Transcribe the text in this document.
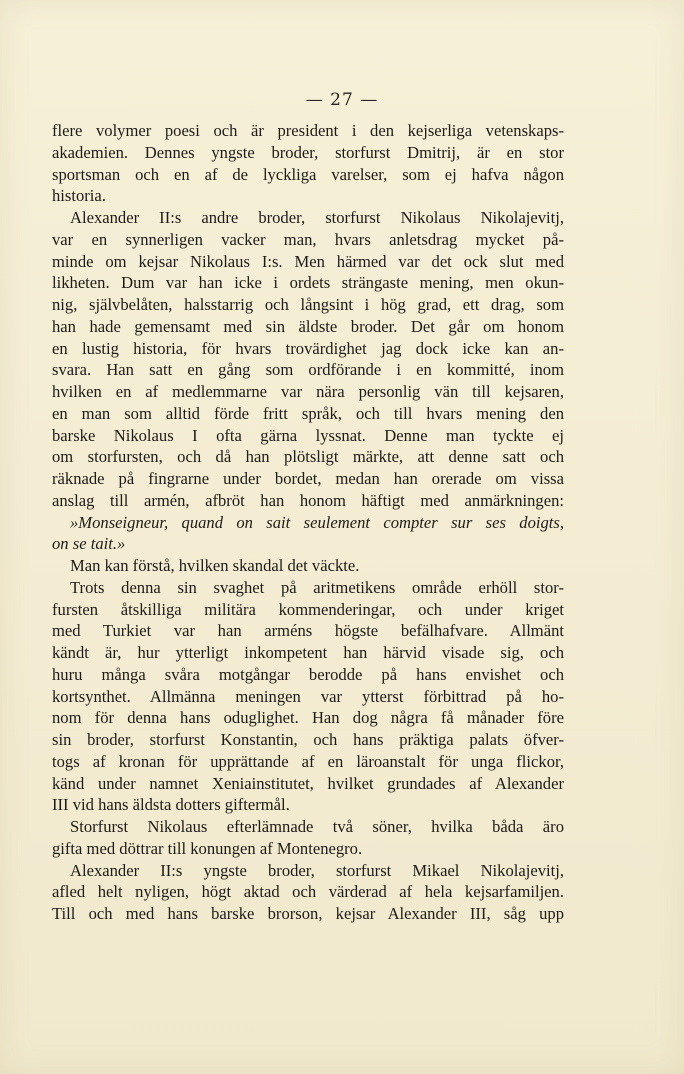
— 27 —
flere volymer poesi och är president i den kejserliga vetenskaps-
akademien. Dennes yngste broder, storfurst Dmitrij, är en stor
sportsman och en af de lyckliga varelser, som ej hafva någon
historia.
Alexander II:s andre broder, storfurst Nikolaus Nikolajevitj,
var en synnerligen vacker man, hvars anletsdrag mycket på-
minde om kejsar Nikolaus I:s. Men härmed var det ock slut med
likheten. Dum var han icke i ordets strängaste mening, men okun-
nig, självbelåten, halsstarrig och långsint i hög grad, ett drag, som
han hade gemensamt med sin äldste broder. Det går om honom
en lustig historia, för hvars trovärdighet jag dock icke kan an-
svara. Han satt en gång som ordförande i en kommitté, inom
hvilken en af medlemmarne var nära personlig vän till kejsaren,
en man som alltid förde fritt språk, och till hvars mening den
barske Nikolaus I ofta gärna lyssnat. Denne man tyckte ej
om storfursten, och då han plötsligt märkte, att denne satt och
räknade på fingrarne under bordet, medan han orerade om vissa
anslag till armén, afbröt han honom häftigt med anmärkningen:
»Monseigneur, quand on sait seulement compter sur ses doigts,
on se tait.»
Man kan förstå, hvilken skandal det väckte.
Trots denna sin svaghet på aritmetikens område erhöll stor-
fursten åtskilliga militära kommenderingar, och under kriget
med Turkiet var han arméns högste befälhafvare. Allmänt
kändt är, hur ytterligt inkompetent han härvid visade sig, och
huru många svåra motgångar berodde på hans envishet och
kortsynthet. Allmänna meningen var ytterst förbittrad på ho-
nom för denna hans oduglighet. Han dog några få månader före
sin broder, storfurst Konstantin, och hans präktiga palats öfver-
togs af kronan för upprättande af en läroanstalt för unga flickor,
känd under namnet Xeniainstitutet, hvilket grundades af Alexander
III vid hans äldsta dotters giftermål.
Storfurst Nikolaus efterlämnade två söner, hvilka båda äro
gifta med döttrar till konungen af Montenegro.
Alexander II:s yngste broder, storfurst Mikael Nikolajevitj,
afled helt nyligen, högt aktad och värderad af hela kejsarfamiljen.
Till och med hans barske brorson, kejsar Alexander III, såg upp
